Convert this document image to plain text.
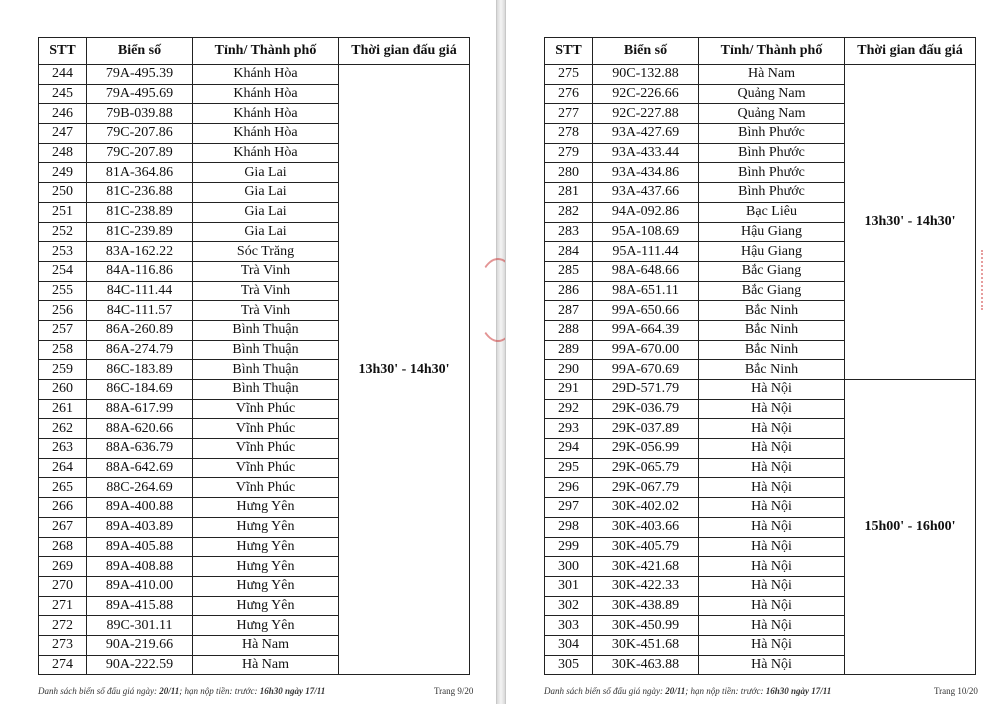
STT	Biển số	Tỉnh/ Thành phố	Thời gian đấu giá
244	79A-495.39	Khánh Hòa	13h30' - 14h30'
245	79A-495.69	Khánh Hòa	
246	79B-039.88	Khánh Hòa	
247	79C-207.86	Khánh Hòa	
248	79C-207.89	Khánh Hòa	
249	81A-364.86	Gia Lai	
250	81C-236.88	Gia Lai	
251	81C-238.89	Gia Lai	
252	81C-239.89	Gia Lai	
253	83A-162.22	Sóc Trăng	
254	84A-116.86	Trà Vinh	
255	84C-111.44	Trà Vinh	
256	84C-111.57	Trà Vinh	
257	86A-260.89	Bình Thuận	
258	86A-274.79	Bình Thuận	
259	86C-183.89	Bình Thuận	
260	86C-184.69	Bình Thuận	
261	88A-617.99	Vĩnh Phúc	
262	88A-620.66	Vĩnh Phúc	
263	88A-636.79	Vĩnh Phúc	
264	88A-642.69	Vĩnh Phúc	
265	88C-264.69	Vĩnh Phúc	
266	89A-400.88	Hưng Yên	
267	89A-403.89	Hưng Yên	
268	89A-405.88	Hưng Yên	
269	89A-408.88	Hưng Yên	
270	89A-410.00	Hưng Yên	
271	89A-415.88	Hưng Yên	
272	89C-301.11	Hưng Yên	
273	90A-219.66	Hà Nam	
274	90A-222.59	Hà Nam	
Danh sách biển số đấu giá ngày: 20/11; hạn nộp tiền: trước: 16h30 ngày 17/11	Trang 9/20
STT	Biển số	Tỉnh/ Thành phố	Thời gian đấu giá
275	90C-132.88	Hà Nam	13h30' - 14h30'
276	92C-226.66	Quảng Nam	
277	92C-227.88	Quảng Nam	
278	93A-427.69	Bình Phước	
279	93A-433.44	Bình Phước	
280	93A-434.86	Bình Phước	
281	93A-437.66	Bình Phước	
282	94A-092.86	Bạc Liêu	
283	95A-108.69	Hậu Giang	
284	95A-111.44	Hậu Giang	
285	98A-648.66	Bắc Giang	
286	98A-651.11	Bắc Giang	
287	99A-650.66	Bắc Ninh	
288	99A-664.39	Bắc Ninh	
289	99A-670.00	Bắc Ninh	
290	99A-670.69	Bắc Ninh	
291	29D-571.79	Hà Nội	15h00' - 16h00'
292	29K-036.79	Hà Nội	
293	29K-037.89	Hà Nội	
294	29K-056.99	Hà Nội	
295	29K-065.79	Hà Nội	
296	29K-067.79	Hà Nội	
297	30K-402.02	Hà Nội	
298	30K-403.66	Hà Nội	
299	30K-405.79	Hà Nội	
300	30K-421.68	Hà Nội	
301	30K-422.33	Hà Nội	
302	30K-438.89	Hà Nội	
303	30K-450.99	Hà Nội	
304	30K-451.68	Hà Nội	
305	30K-463.88	Hà Nội	
Danh sách biển số đấu giá ngày: 20/11; hạn nộp tiền: trước: 16h30 ngày 17/11	Trang 10/20
